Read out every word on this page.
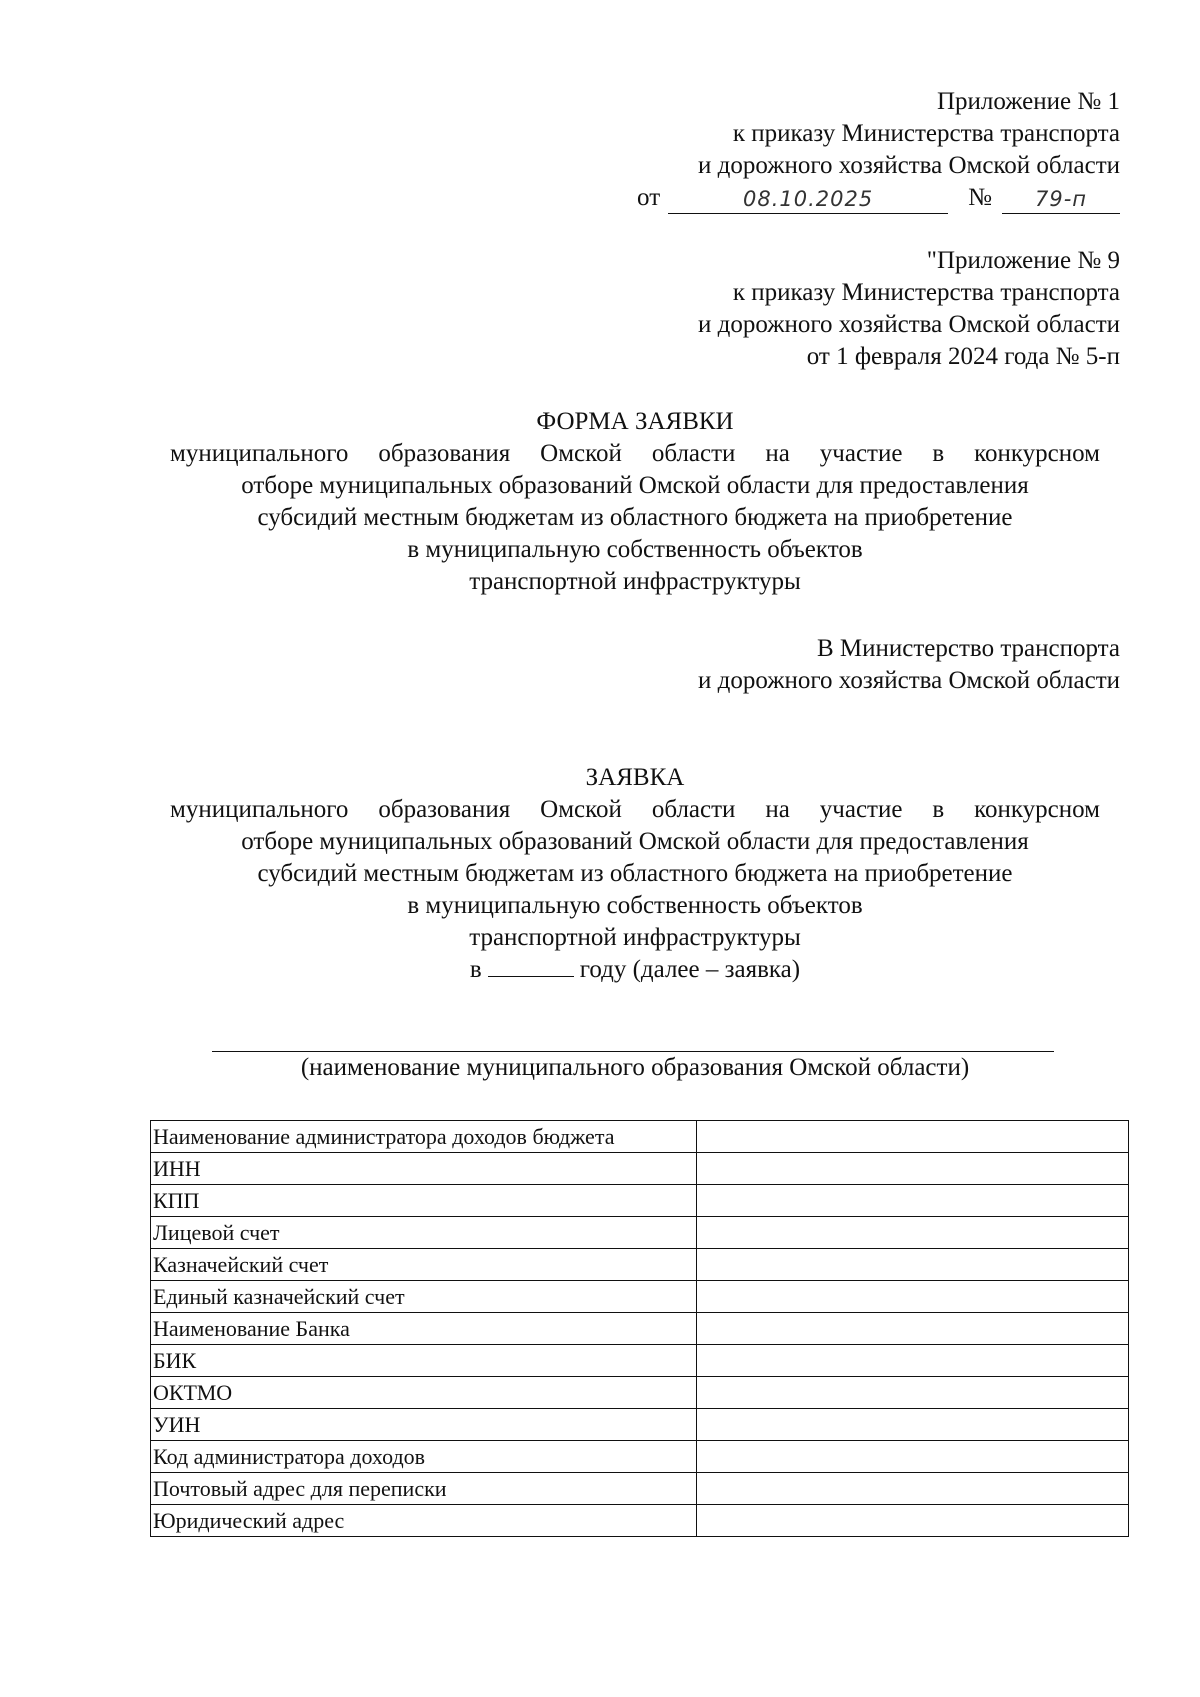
Приложение № 1
к приказу Министерства транспорта
и дорожного хозяйства Омской области
от	08.10.2025	№	79-п
"Приложение № 9
к приказу Министерства транспорта
и дорожного хозяйства Омской области
от 1 февраля 2024 года № 5-п
ФОРМА ЗАЯВКИ
муниципального образования Омской области на участие в конкурсном
отборе муниципальных образований Омской области для предоставления
субсидий местным бюджетам из областного бюджета на приобретение
в муниципальную собственность объектов
транспортной инфраструктуры
В Министерство транспорта
и дорожного хозяйства Омской области
ЗАЯВКА
муниципального образования Омской области на участие в конкурсном
отборе муниципальных образований Омской области для предоставления
субсидий местным бюджетам из областного бюджета на приобретение
в муниципальную собственность объектов
транспортной инфраструктуры
в	году (далее – заявка)
(наименование муниципального образования Омской области)
Наименование администратора доходов бюджета	
ИНН	
КПП	
Лицевой счет	
Казначейский счет	
Единый казначейский счет	
Наименование Банка	
БИК	
ОКТМО	
УИН	
Код администратора доходов	
Почтовый адрес для переписки	
Юридический адрес	
